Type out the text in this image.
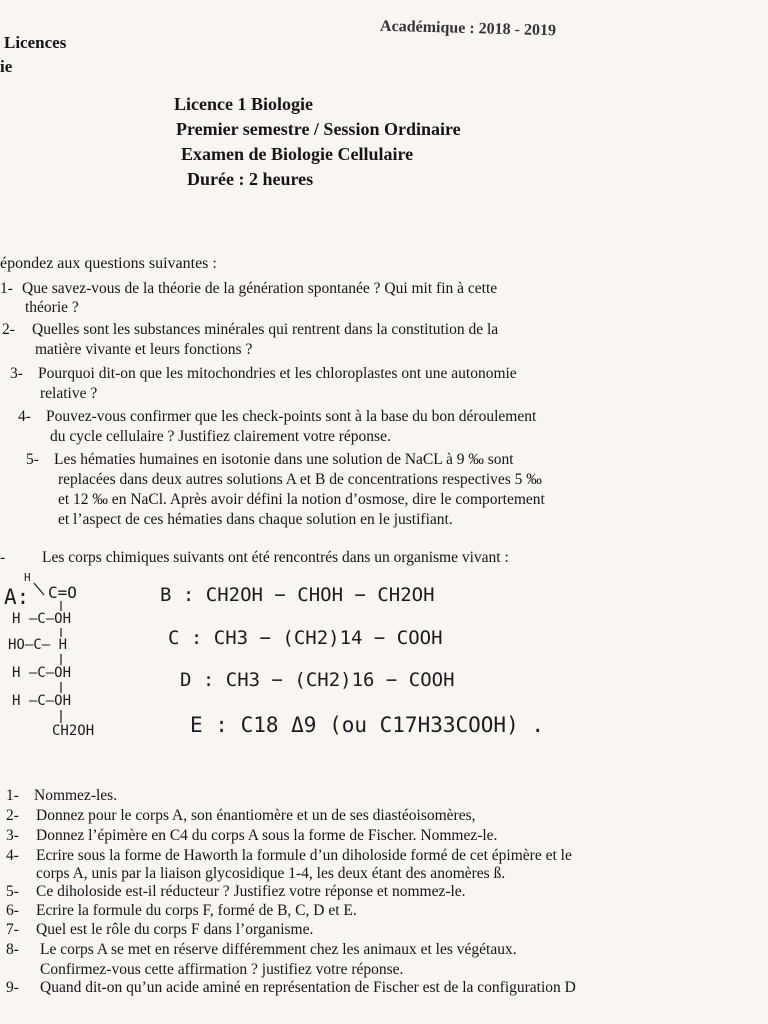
Licences
ie
Académique : 2018 - 2019
Licence 1 Biologie
Premier semestre / Session Ordinaire
Examen de Biologie Cellulaire
Durée : 2 heures
épondez aux questions suivantes :
1- Que savez-vous de la théorie de la génération spontanée ? Qui mit fin à cette
théorie ?
2- Quelles sont les substances minérales qui rentrent dans la constitution de la
matière vivante et leurs fonctions ?
3- Pourquoi dit-on que les mitochondries et les chloroplastes ont une autonomie
relative ?
4- Pouvez-vous confirmer que les check-points sont à la base du bon déroulement
du cycle cellulaire ? Justifiez clairement votre réponse.
5- Les hématies humaines en isotonie dans une solution de NaCL à 9 ‰ sont
replacées dans deux autres solutions A et B de concentrations respectives 5 ‰
et 12 ‰ en NaCl. Après avoir défini la notion d’osmose, dire le comportement
et l’aspect de ces hématies dans chaque solution en le justifiant.
- Les corps chimiques suivants ont été rencontrés dans un organisme vivant :
A:
H
C=O
H —C—OH
HO—C— H
H —C—OH
H —C—OH
CH2OH
B : CH2OH − CHOH − CH2OH
C : CH3 − (CH2)14 − COOH
D : CH3 − (CH2)16 − COOH
E : C18 Δ9 (ou C17H33COOH) .
1- Nommez-les.
2- Donnez pour le corps A, son énantiomère et un de ses diastéoisomères,
3- Donnez l’épimère en C4 du corps A sous la forme de Fischer. Nommez-le.
4- Ecrire sous la forme de Haworth la formule d’un diholoside formé de cet épimère et le
corps A, unis par la liaison glycosidique 1-4, les deux étant des anomères ß.
5- Ce diholoside est-il réducteur ? Justifiez votre réponse et nommez-le.
6- Ecrire la formule du corps F, formé de B, C, D et E.
7- Quel est le rôle du corps F dans l’organisme.
8- Le corps A se met en réserve différemment chez les animaux et les végétaux.
Confirmez-vous cette affirmation ? justifiez votre réponse.
9- Quand dit-on qu’un acide aminé en représentation de Fischer est de la configuration D
